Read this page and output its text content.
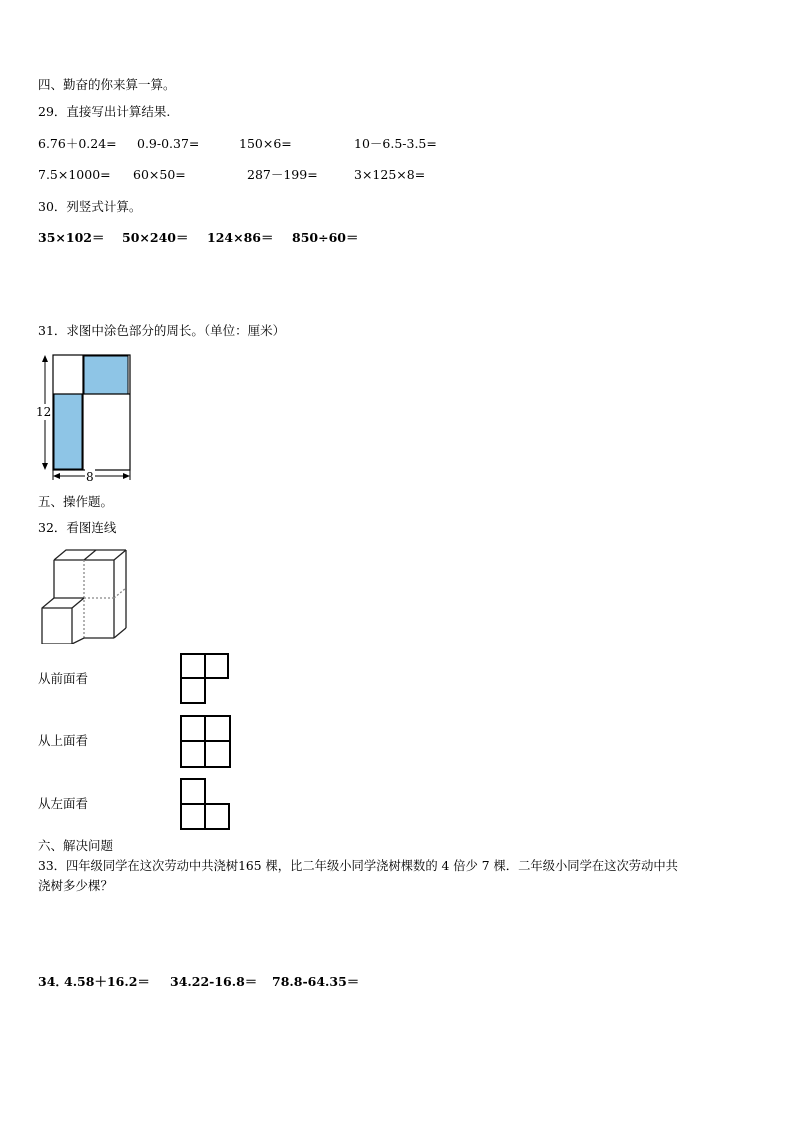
四、勤奋的你来算一算。
29．直接写出计算结果.
6.76＋0.24= 0.9-0.37=	150×6=	10－6.5-3.5=
7.5×1000= 60×50=	287－199=	3×125×8=
30．列竖式计算。
35×102＝ 50×240＝ 124×86＝ 850÷60＝
31．求图中涂色部分的周长。（单位：厘米）
12
8
五、操作题。
32．看图连线
从前面看
从上面看
从左面看
六、解决问题
33．四年级同学在这次劳动中共浇树165 棵，比二年级小同学浇树棵数的 4 倍少 7 棵．二年级小同学在这次劳动中共
浇树多少棵？
34．
4.58＋16.2＝ 34.22-16.8＝ 78.8-64.35＝
